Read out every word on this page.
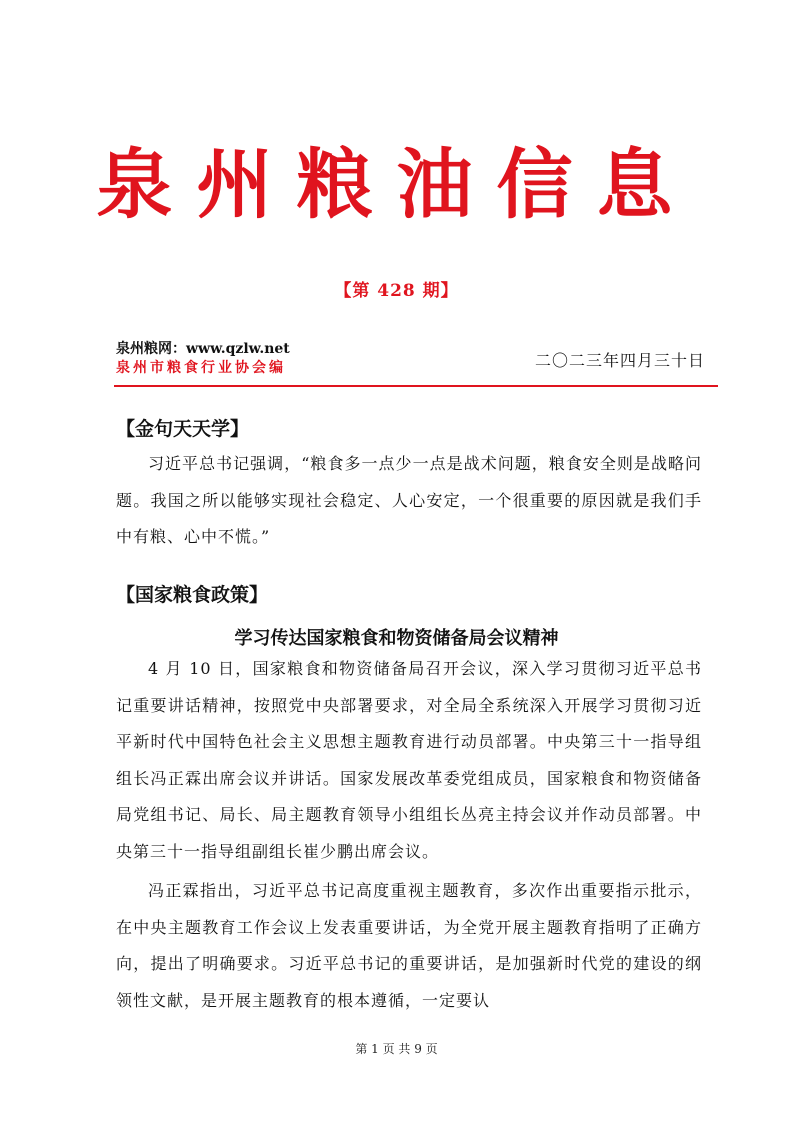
泉州粮油信息
【第 428 期】
泉州粮网：www.qzlw.net
泉州市粮食行业协会编	二〇二三年四月三十日
【金句天天学】

习近平总书记强调，“粮食多一点少一点是战术问题，粮食安全则是战略问题。我国之所以能够实现社会稳定、人心安定，一个很重要的原因就是我们手中有粮、心中不慌。”

【国家粮食政策】
学习传达国家粮食和物资储备局会议精神

4 月 10 日，国家粮食和物资储备局召开会议，深入学习贯彻习近平总书记重要讲话精神，按照党中央部署要求，对全局全系统深入开展学习贯彻习近平新时代中国特色社会主义思想主题教育进行动员部署。中央第三十一指导组组长冯正霖出席会议并讲话。国家发展改革委党组成员，国家粮食和物资储备局党组书记、局长、局主题教育领导小组组长丛亮主持会议并作动员部署。中央第三十一指导组副组长崔少鹏出席会议。

冯正霖指出，习近平总书记高度重视主题教育，多次作出重要指示批示，在中央主题教育工作会议上发表重要讲话，为全党开展主题教育指明了正确方向，提出了明确要求。习近平总书记的重要讲话，是加强新时代党的建设的纲领性文献，是开展主题教育的根本遵循，一定要认

第 1 页 共 9 页
